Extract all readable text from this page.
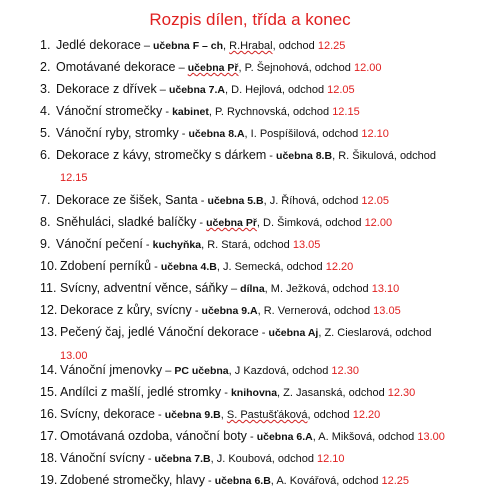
Rozpis dílen, třída a konec
1. Jedlé dekorace – učebna F – ch, R.Hrabal, odchod 12.25
2. Omotávané dekorace – učebna Př, P. Šejnohová, odchod 12.00
3. Dekorace z dřívek – učebna 7.A, D. Hejlová, odchod 12.05
4. Vánoční stromečky - kabinet, P. Rychnovská, odchod 12.15
5. Vánoční ryby, stromky - učebna 8.A, I. Pospíšilová, odchod 12.10
6. Dekorace z kávy, stromečky s dárkem - učebna 8.B, R. Šikulová, odchod
12.15
7. Dekorace ze šišek, Santa - učebna 5.B, J. Říhová, odchod 12.05
8. Sněhuláci, sladké balíčky - učebna Př, D. Šimková, odchod 12.00
9. Vánoční pečení - kuchyňka, R. Stará, odchod 13.05
10. Zdobení perníků - učebna 4.B, J. Semecká, odchod 12.20
11. Svícny, adventní věnce, sáňky – dílna, M. Ježková, odchod 13.10
12. Dekorace z kůry, svícny - učebna 9.A, R. Vernerová, odchod 13.05
13. Pečený čaj, jedlé Vánoční dekorace - učebna Aj, Z. Cieslarová, odchod
13.00
14. Vánoční jmenovky – PC učebna, J Kazdová, odchod 12.30
15. Andílci z mašlí, jedlé stromky - knihovna, Z. Jasanská, odchod 12.30
16. Svícny, dekorace - učebna 9.B, S. Pastušťáková, odchod 12.20
17. Omotávaná ozdoba, vánoční boty - učebna 6.A, A. Mikšová, odchod 13.00
18. Vánoční svícny - učebna 7.B, J. Koubová, odchod 12.10
19. Zdobené stromečky, hlavy - učebna 6.B, A. Kovářová, odchod 12.25
